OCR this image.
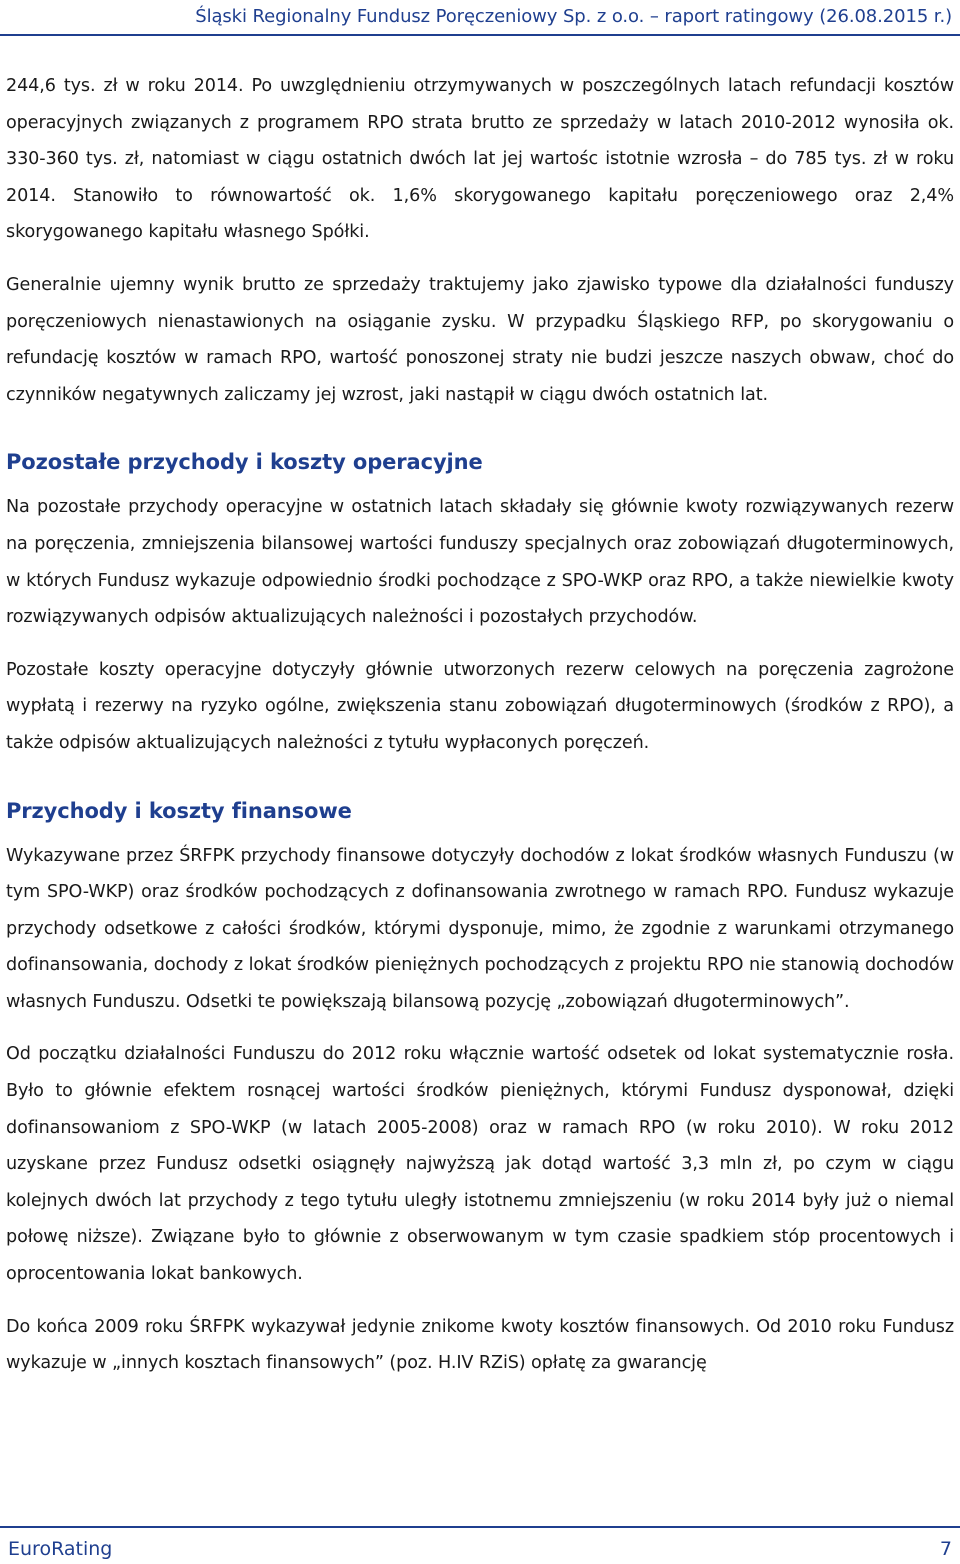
Śląski Regionalny Fundusz Poręczeniowy Sp. z o.o. – raport ratingowy (26.08.2015 r.)

244,6 tys. zł w roku 2014. Po uwzględnieniu otrzymywanych w poszczególnych latach refundacji kosztów operacyjnych związanych z programem RPO strata brutto ze sprzedaży w latach 2010-2012 wynosiła ok. 330-360 tys. zł, natomiast w ciągu ostatnich dwóch lat jej wartośc istotnie wzrosła – do 785 tys. zł w roku 2014. Stanowiło to równowartość ok. 1,6% skorygowanego kapitału poręczeniowego oraz 2,4% skorygowanego kapitału własnego Spółki.

Generalnie ujemny wynik brutto ze sprzedaży traktujemy jako zjawisko typowe dla działalności funduszy poręczeniowych nienastawionych na osiąganie zysku. W przypadku Śląskiego RFP, po skorygowaniu o refundację kosztów w ramach RPO, wartość ponoszonej straty nie budzi jeszcze naszych obwaw, choć do czynników negatywnych zaliczamy jej wzrost, jaki nastąpił w ciągu dwóch ostatnich lat.

Pozostałe przychody i koszty operacyjne

Na pozostałe przychody operacyjne w ostatnich latach składały się głównie kwoty rozwiązywanych rezerw na poręczenia, zmniejszenia bilansowej wartości funduszy specjalnych oraz zobowiązań długoterminowych, w których Fundusz wykazuje odpowiednio środki pochodzące z SPO-WKP oraz RPO, a także niewielkie kwoty rozwiązywanych odpisów aktualizujących należności i pozostałych przychodów.

Pozostałe koszty operacyjne dotyczyły głównie utworzonych rezerw celowych na poręczenia zagrożone wypłatą i rezerwy na ryzyko ogólne, zwiększenia stanu zobowiązań długoterminowych (środków z RPO), a także odpisów aktualizujących należności z tytułu wypłaconych poręczeń.

Przychody i koszty finansowe

Wykazywane przez ŚRFPK przychody finansowe dotyczyły dochodów z lokat środków własnych Funduszu (w tym SPO-WKP) oraz środków pochodzących z dofinansowania zwrotnego w ramach RPO. Fundusz wykazuje przychody odsetkowe z całości środków, którymi dysponuje, mimo, że zgodnie z warunkami otrzymanego dofinansowania, dochody z lokat środków pieniężnych pochodzących z projektu RPO nie stanowią dochodów własnych Funduszu. Odsetki te powiększają bilansową pozycję „zobowiązań długoterminowych”.

Od początku działalności Funduszu do 2012 roku włącznie wartość odsetek od lokat systematycznie rosła. Było to głównie efektem rosnącej wartości środków pieniężnych, którymi Fundusz dysponował, dzięki dofinansowaniom z SPO-WKP (w latach 2005-2008) oraz w ramach RPO (w roku 2010). W roku 2012 uzyskane przez Fundusz odsetki osiągnęły najwyższą jak dotąd wartość 3,3 mln zł, po czym w ciągu kolejnych dwóch lat przychody z tego tytułu uległy istotnemu zmniejszeniu (w roku 2014 były już o niemal połowę niższe). Związane było to głównie z obserwowanym w tym czasie spadkiem stóp procentowych i oprocentowania lokat bankowych.

Do końca 2009 roku ŚRFPK wykazywał jedynie znikome kwoty kosztów finansowych. Od 2010 roku Fundusz wykazuje w „innych kosztach finansowych” (poz. H.IV RZiS) opłatę za gwarancję

EuroRating	7
